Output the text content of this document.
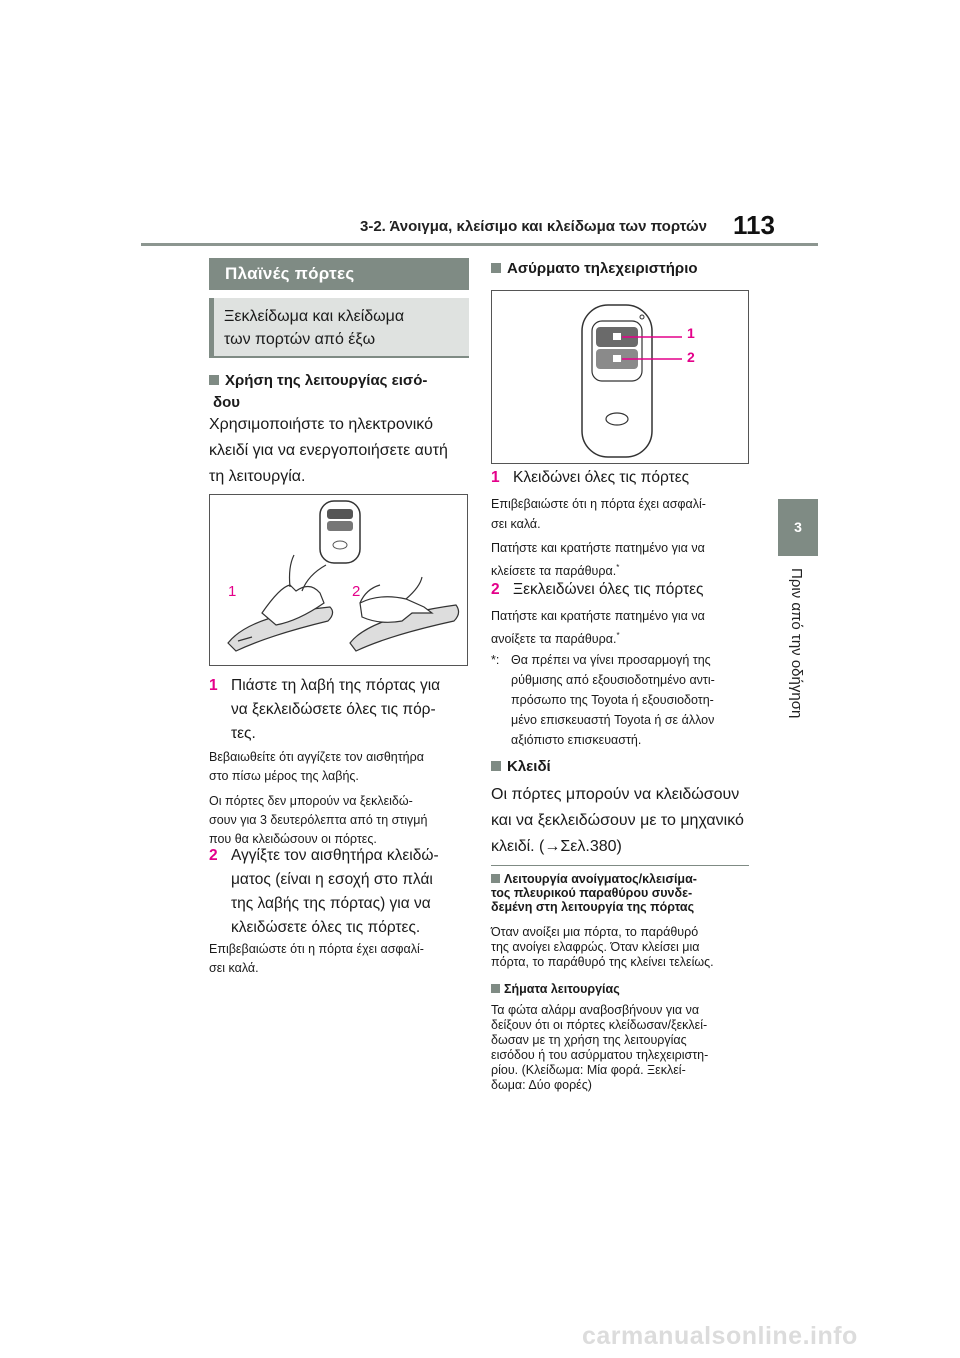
3-2. Άνοιγμα, κλείσιμο και κλείδωμα των πορτών 113
3
Πριν από την οδήγηση
Πλαϊνές πόρτες
Ξεκλείδωμα και κλείδωμα
των πορτών από έξω
Χρήση της λειτουργίας εισό-
δου
Χρησιμοποιήστε το ηλεκτρονικό
κλειδί για να ενεργοποιήσετε αυτή
τη λειτουργία.
1	2
1 Πιάστε τη λαβή της πόρτας για
να ξεκλειδώσετε όλες τις πόρ-
τες.
Βεβαιωθείτε ότι αγγίζετε τον αισθητήρα
στο πίσω μέρος της λαβής.
Οι πόρτες δεν μπορούν να ξεκλειδώ-
σουν για 3 δευτερόλεπτα από τη στιγμή
που θα κλειδώσουν οι πόρτες.
2 Αγγίξτε τον αισθητήρα κλειδώ-
ματος (είναι η εσοχή στο πλάι
της λαβής της πόρτας) για να
κλειδώσετε όλες τις πόρτες.
Επιβεβαιώστε ότι η πόρτα έχει ασφαλί-
σει καλά.
Ασύρματο τηλεχειριστήριο
1
2
1 Κλειδώνει όλες τις πόρτες
Επιβεβαιώστε ότι η πόρτα έχει ασφαλί-
σει καλά.
Πατήστε και κρατήστε πατημένο για να
κλείσετε τα παράθυρα.*
2 Ξεκλειδώνει όλες τις πόρτες
Πατήστε και κρατήστε πατημένο για να
ανοίξετε τα παράθυρα.*
*: Θα πρέπει να γίνει προσαρμογή της
ρύθμισης από εξουσιοδοτημένο αντι-
πρόσωπο της Toyota ή εξουσιοδοτη-
μένο επισκευαστή Toyota ή σε άλλον
αξιόπιστο επισκευαστή.
Κλειδί
Οι πόρτες μπορούν να κλειδώσουν
και να ξεκλειδώσουν με το μηχανικό
κλειδί. (→Σελ.380)
Λειτουργία ανοίγματος/κλεισίμα-
τος πλευρικού παραθύρου συνδε-
δεμένη στη λειτουργία της πόρτας
Όταν ανοίξει μια πόρτα, το παράθυρό
της ανοίγει ελαφρώς. Όταν κλείσει μια
πόρτα, το παράθυρό της κλείνει τελείως.
Σήματα λειτουργίας
Τα φώτα αλάρμ αναβοσβήνουν για να
δείξουν ότι οι πόρτες κλείδωσαν/ξεκλεί-
δωσαν με τη χρήση της λειτουργίας
εισόδου ή του ασύρματου τηλεχειριστη-
ρίου. (Κλείδωμα: Μία φορά. Ξεκλεί-
δωμα: Δύο φορές)
carmanualsonline.info
